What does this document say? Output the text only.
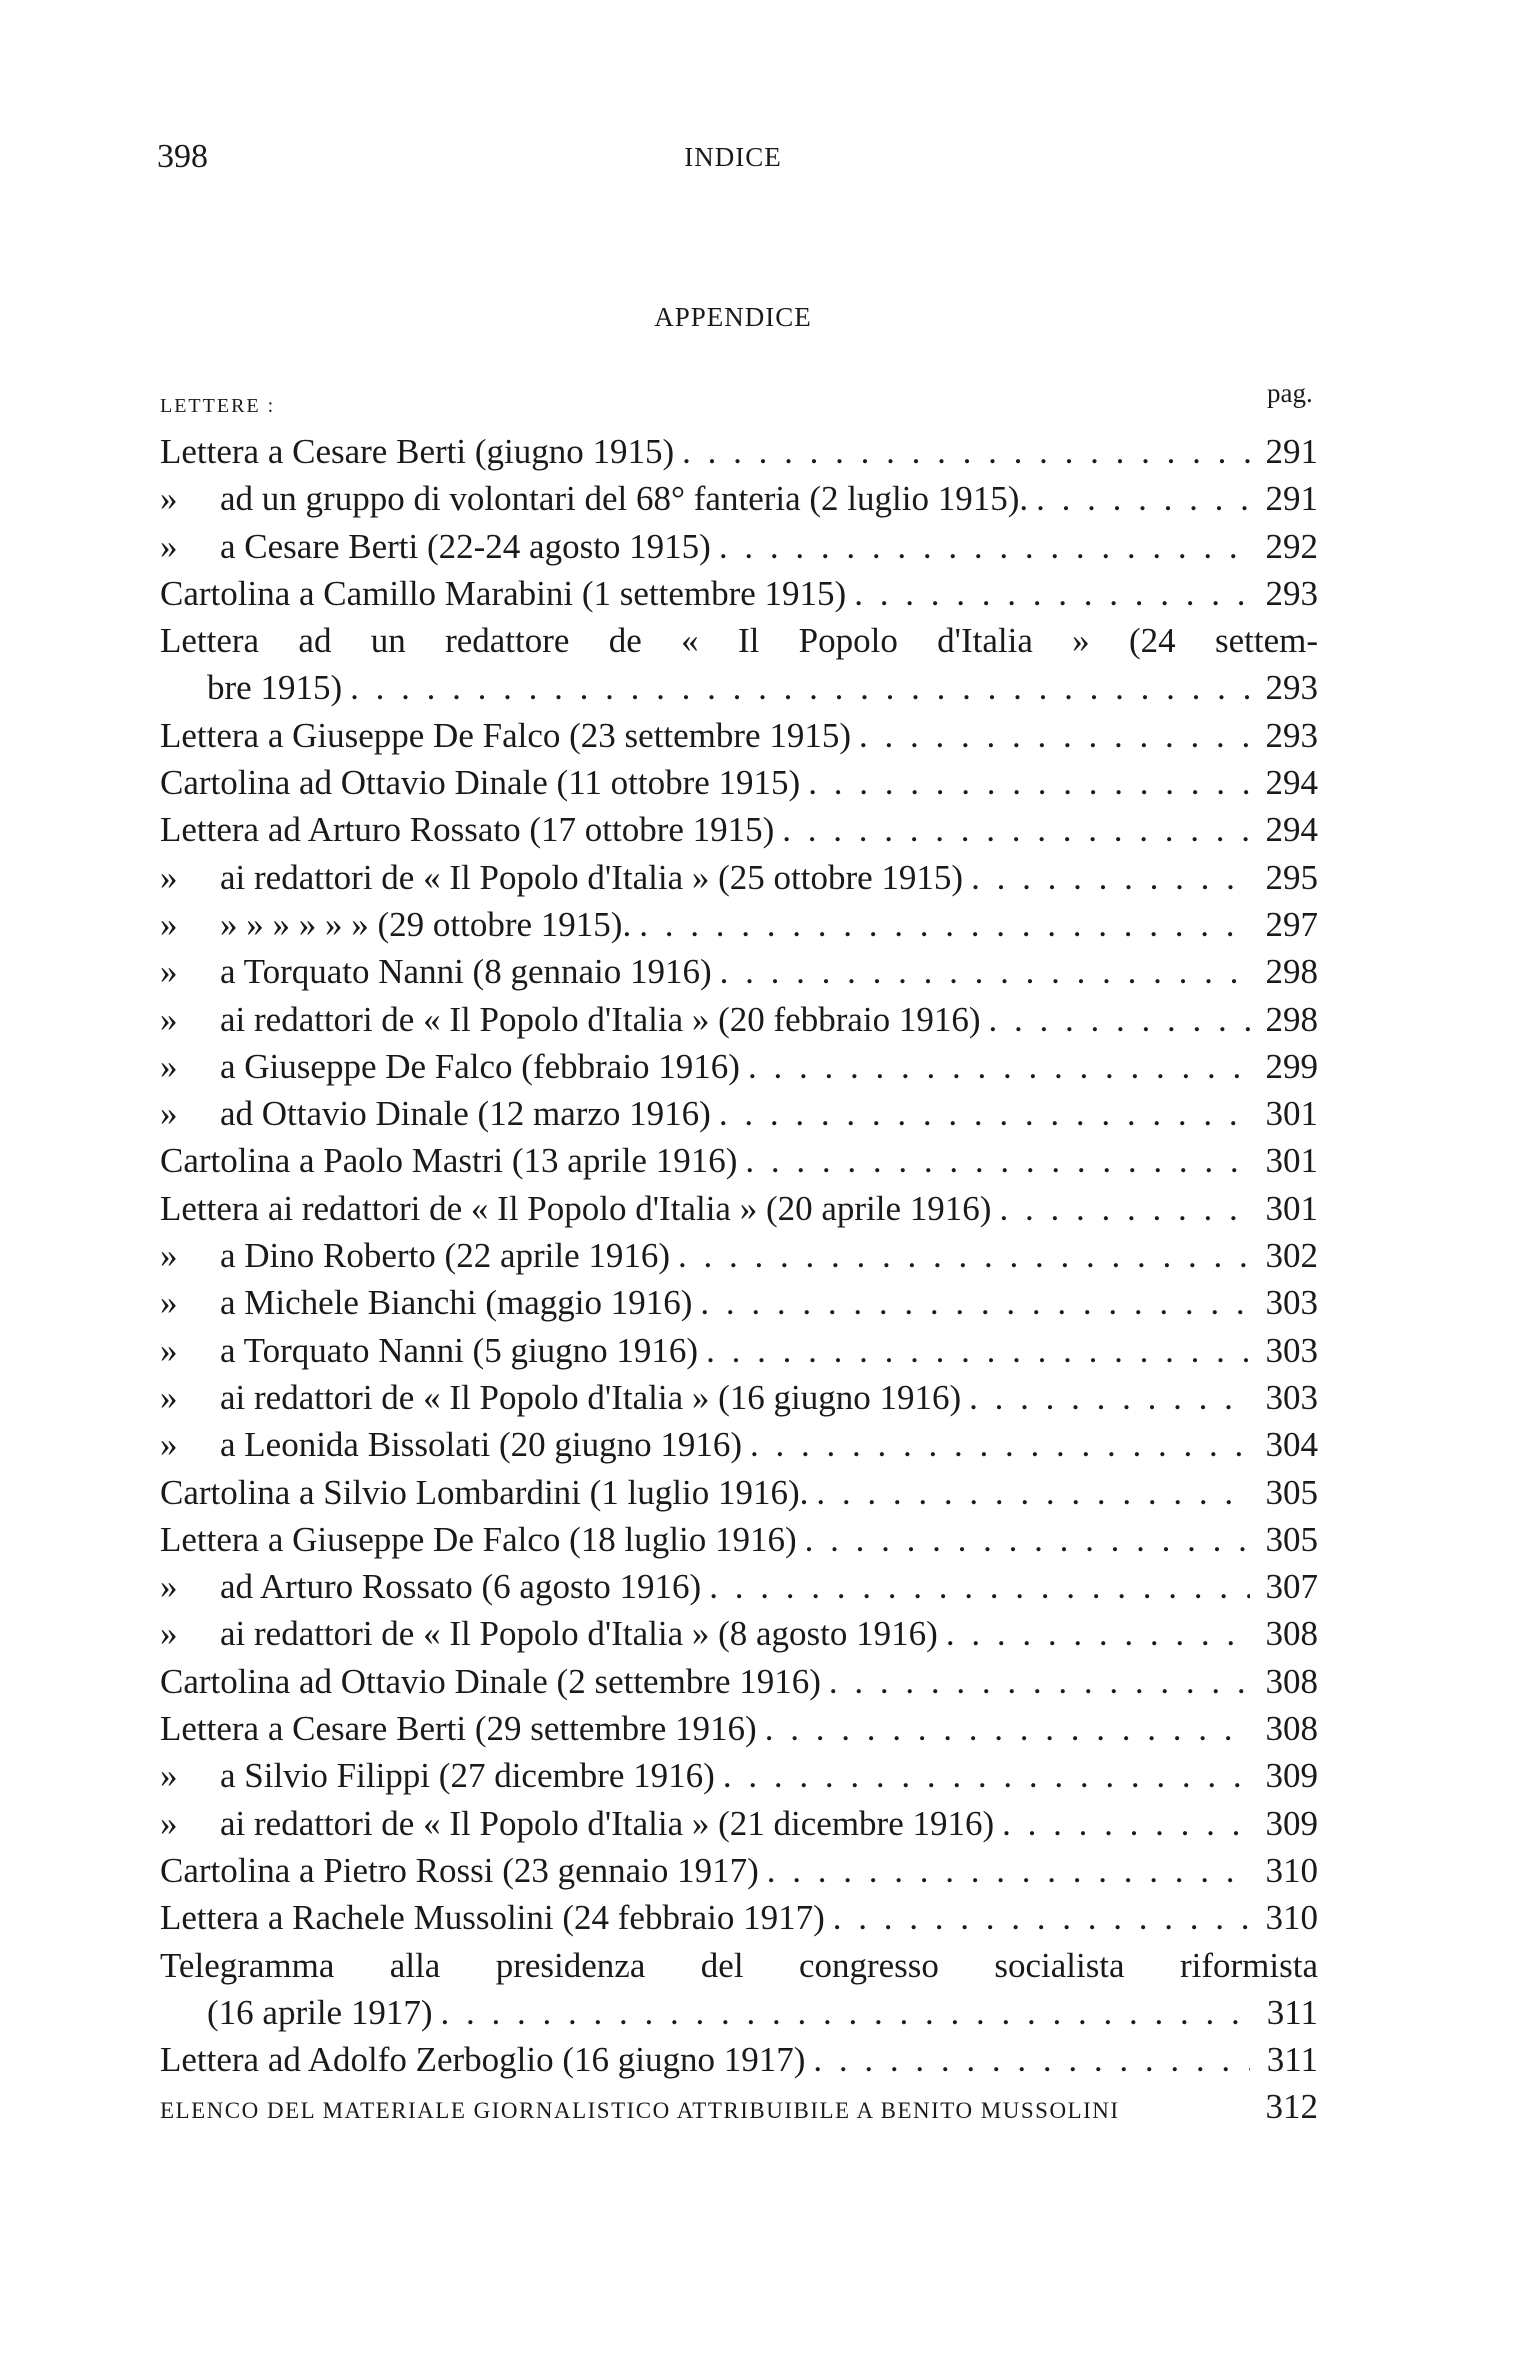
398	INDICE
APPENDICE
pag.
LETTERE :
Lettera a Cesare Berti (giugno 1915) . . .	291
» ad un gruppo di volontari del 68° fanteria (2 luglio 1915). . . .	291
» a Cesare Berti (22-24 agosto 1915) . . .	292
Cartolina a Camillo Marabini (1 settembre 1915) . . .	293
Lettera ad un redattore de « Il Popolo d'Italia » (24 settem-
bre 1915) . . .	293
Lettera a Giuseppe De Falco (23 settembre 1915) . . .	293
Cartolina ad Ottavio Dinale (11 ottobre 1915) . . .	294
Lettera ad Arturo Rossato (17 ottobre 1915) . . .	294
» ai redattori de « Il Popolo d'Italia » (25 ottobre 1915) . . .	295
» » » » » » » (29 ottobre 1915). . . .	297
» a Torquato Nanni (8 gennaio 1916) . . .	298
» ai redattori de « Il Popolo d'Italia » (20 febbraio 1916) . . .	298
» a Giuseppe De Falco (febbraio 1916) . . .	299
» ad Ottavio Dinale (12 marzo 1916) . . .	301
Cartolina a Paolo Mastri (13 aprile 1916) . . .	301
Lettera ai redattori de « Il Popolo d'Italia » (20 aprile 1916) . . .	301
» a Dino Roberto (22 aprile 1916) . . .	302
» a Michele Bianchi (maggio 1916) . . .	303
» a Torquato Nanni (5 giugno 1916) . . .	303
» ai redattori de « Il Popolo d'Italia » (16 giugno 1916) . . .	303
» a Leonida Bissolati (20 giugno 1916) . . .	304
Cartolina a Silvio Lombardini (1 luglio 1916). . . .	305
Lettera a Giuseppe De Falco (18 luglio 1916) . . .	305
» ad Arturo Rossato (6 agosto 1916) . . .	307
» ai redattori de « Il Popolo d'Italia » (8 agosto 1916) . . .	308
Cartolina ad Ottavio Dinale (2 settembre 1916) . . .	308
Lettera a Cesare Berti (29 settembre 1916) . . .	308
» a Silvio Filippi (27 dicembre 1916) . . .	309
» ai redattori de « Il Popolo d'Italia » (21 dicembre 1916) . . .	309
Cartolina a Pietro Rossi (23 gennaio 1917) . . .	310
Lettera a Rachele Mussolini (24 febbraio 1917) . . .	310
Telegramma alla presidenza del congresso socialista riformista
(16 aprile 1917) . . .	311
Lettera ad Adolfo Zerboglio (16 giugno 1917) . . .	311
ELENCO DEL MATERIALE GIORNALISTICO ATTRIBUIBILE A BENITO MUSSOLINI	312
